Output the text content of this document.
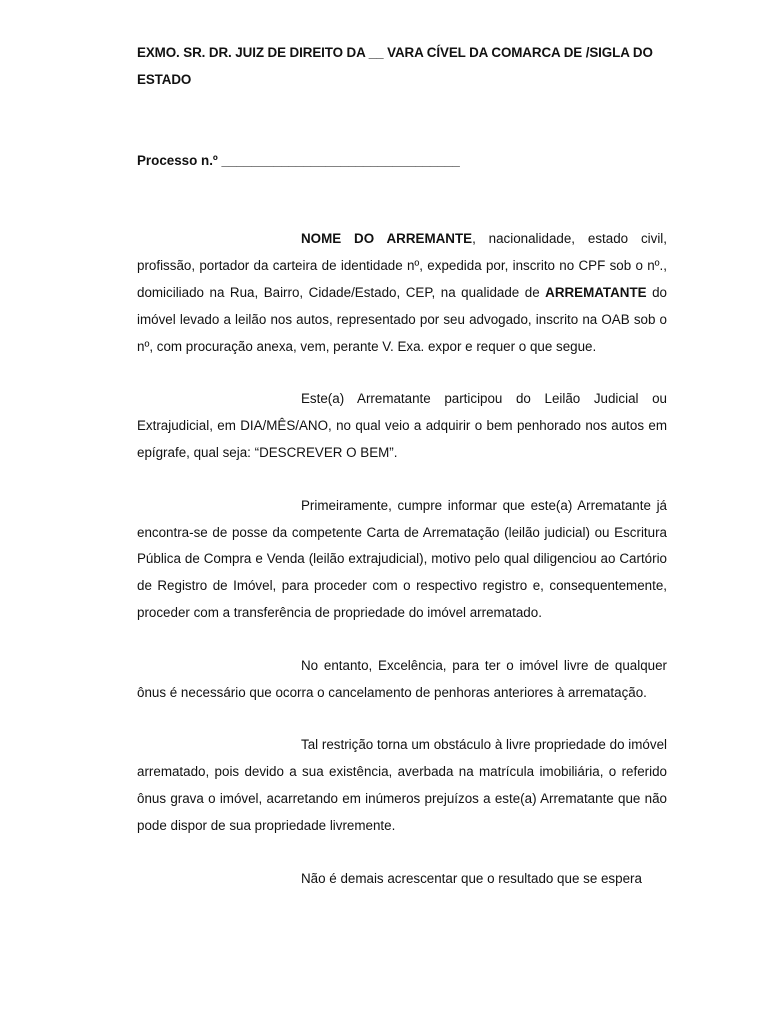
EXMO. SR. DR. JUIZ DE DIREITO DA __ VARA CÍVEL DA COMARCA DE /SIGLA DO ESTADO

Processo n.º ________________________________

NOME DO ARREMANTE, nacionalidade, estado civil, profissão, portador da carteira de identidade nº, expedida por, inscrito no CPF sob o nº., domiciliado na Rua, Bairro, Cidade/Estado, CEP, na qualidade de ARREMATANTE do imóvel levado a leilão nos autos, representado por seu advogado, inscrito na OAB sob o nº, com procuração anexa, vem, perante V. Exa. expor e requer o que segue.

Este(a) Arrematante participou do Leilão Judicial ou Extrajudicial, em DIA/MÊS/ANO, no qual veio a adquirir o bem penhorado nos autos em epígrafe, qual seja: “DESCREVER O BEM”.

Primeiramente, cumpre informar que este(a) Arrematante já encontra-se de posse da competente Carta de Arrematação (leilão judicial) ou Escritura Pública de Compra e Venda (leilão extrajudicial), motivo pelo qual diligenciou ao Cartório de Registro de Imóvel, para proceder com o respectivo registro e, consequentemente, proceder com a transferência de propriedade do imóvel arrematado.

No entanto, Excelência, para ter o imóvel livre de qualquer ônus é necessário que ocorra o cancelamento de penhoras anteriores à arrematação.

Tal restrição torna um obstáculo à livre propriedade do imóvel arrematado, pois devido a sua existência, averbada na matrícula imobiliária, o referido ônus grava o imóvel, acarretando em inúmeros prejuízos a este(a) Arrematante que não pode dispor de sua propriedade livremente.

Não é demais acrescentar que o resultado que se espera
